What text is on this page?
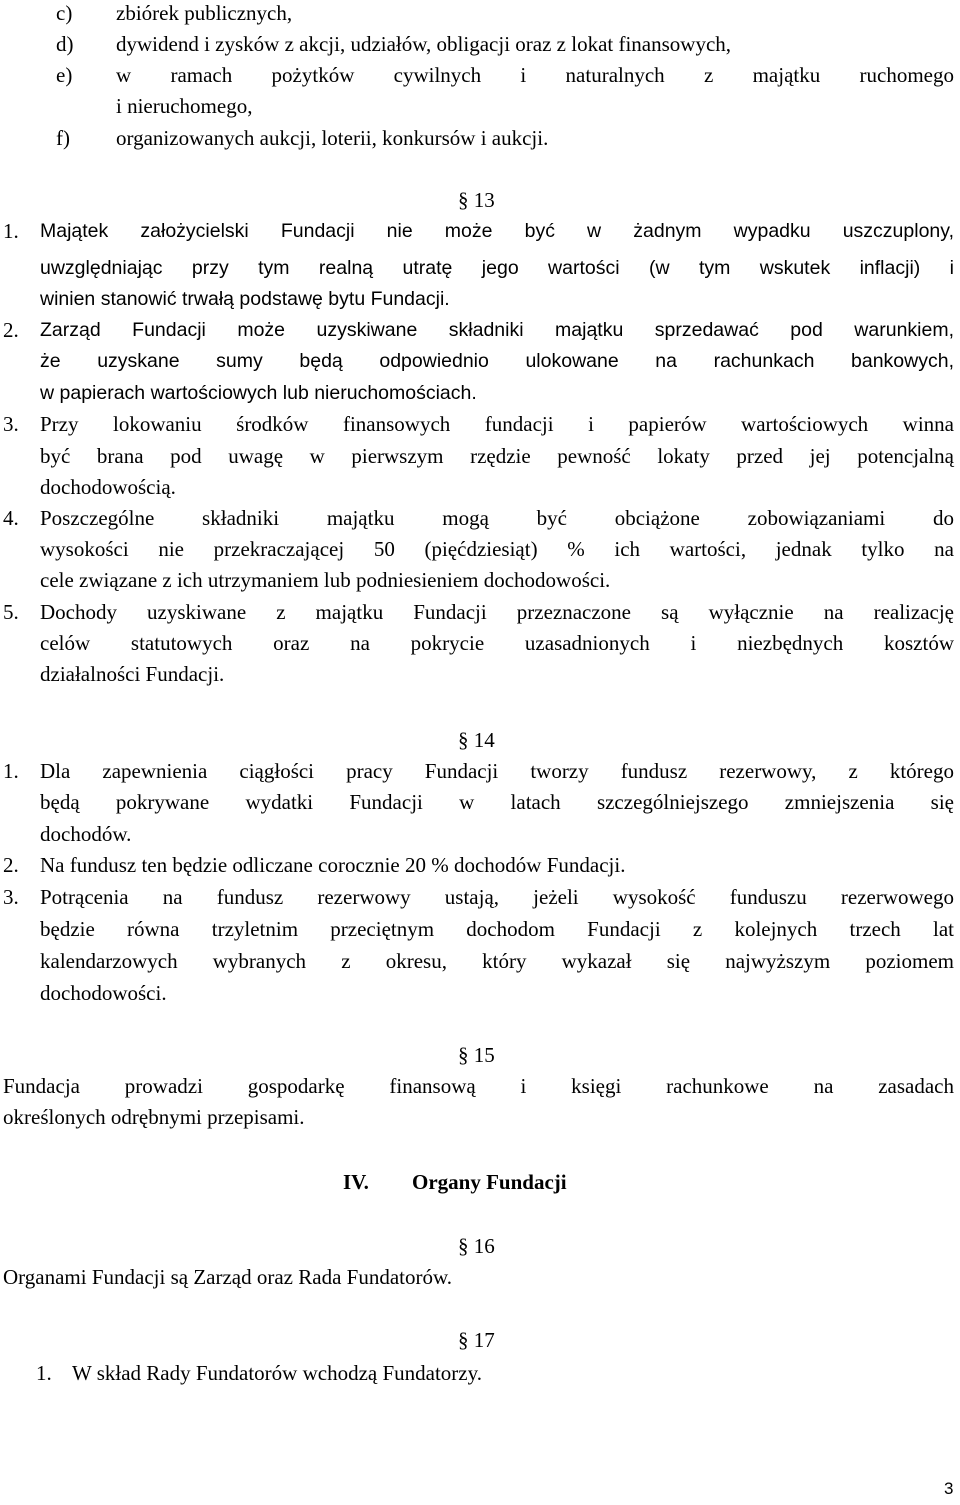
c) zbiórek publicznych,
d) dywidend i zysków z akcji, udziałów, obligacji oraz z lokat finansowych,
e) w ramach pożytków cywilnych i naturalnych z majątku ruchomego
i nieruchomego,
f) organizowanych aukcji, loterii, konkursów i aukcji.
§ 13
1. Majątek założycielski Fundacji nie może być w żadnym wypadku uszczuplony,
uwzględniając przy tym realną utratę jego wartości (w tym wskutek inflacji) i
winien stanowić trwałą podstawę bytu Fundacji.
2. Zarząd Fundacji może uzyskiwane składniki majątku sprzedawać pod warunkiem,
że uzyskane sumy będą odpowiednio ulokowane na rachunkach bankowych,
w papierach wartościowych lub nieruchomościach.
3. Przy lokowaniu środków finansowych fundacji i papierów wartościowych winna
być brana pod uwagę w pierwszym rzędzie pewność lokaty przed jej potencjalną
dochodowością.
4. Poszczególne składniki majątku mogą być obciążone zobowiązaniami do
wysokości nie przekraczającej 50 (pięćdziesiąt) % ich wartości, jednak tylko na
cele związane z ich utrzymaniem lub podniesieniem dochodowości.
5. Dochody uzyskiwane z majątku Fundacji przeznaczone są wyłącznie na realizację
celów statutowych oraz na pokrycie uzasadnionych i niezbędnych kosztów
działalności Fundacji.
§ 14
1. Dla zapewnienia ciągłości pracy Fundacji tworzy fundusz rezerwowy, z którego
będą pokrywane wydatki Fundacji w latach szczególniejszego zmniejszenia się
dochodów.
2. Na fundusz ten będzie odliczane corocznie 20 % dochodów Fundacji.
3. Potrącenia na fundusz rezerwowy ustają, jeżeli wysokość funduszu rezerwowego
będzie równa trzyletnim przeciętnym dochodom Fundacji z kolejnych trzech lat
kalendarzowych wybranych z okresu, który wykazał się najwyższym poziomem
dochodowości.
§ 15
Fundacja prowadzi gospodarkę finansową i księgi rachunkowe na zasadach
określonych odrębnymi przepisami.
IV. Organy Fundacji
§ 16
Organami Fundacji są Zarząd oraz Rada Fundatorów.
§ 17
1. W skład Rady Fundatorów wchodzą Fundatorzy.
3
